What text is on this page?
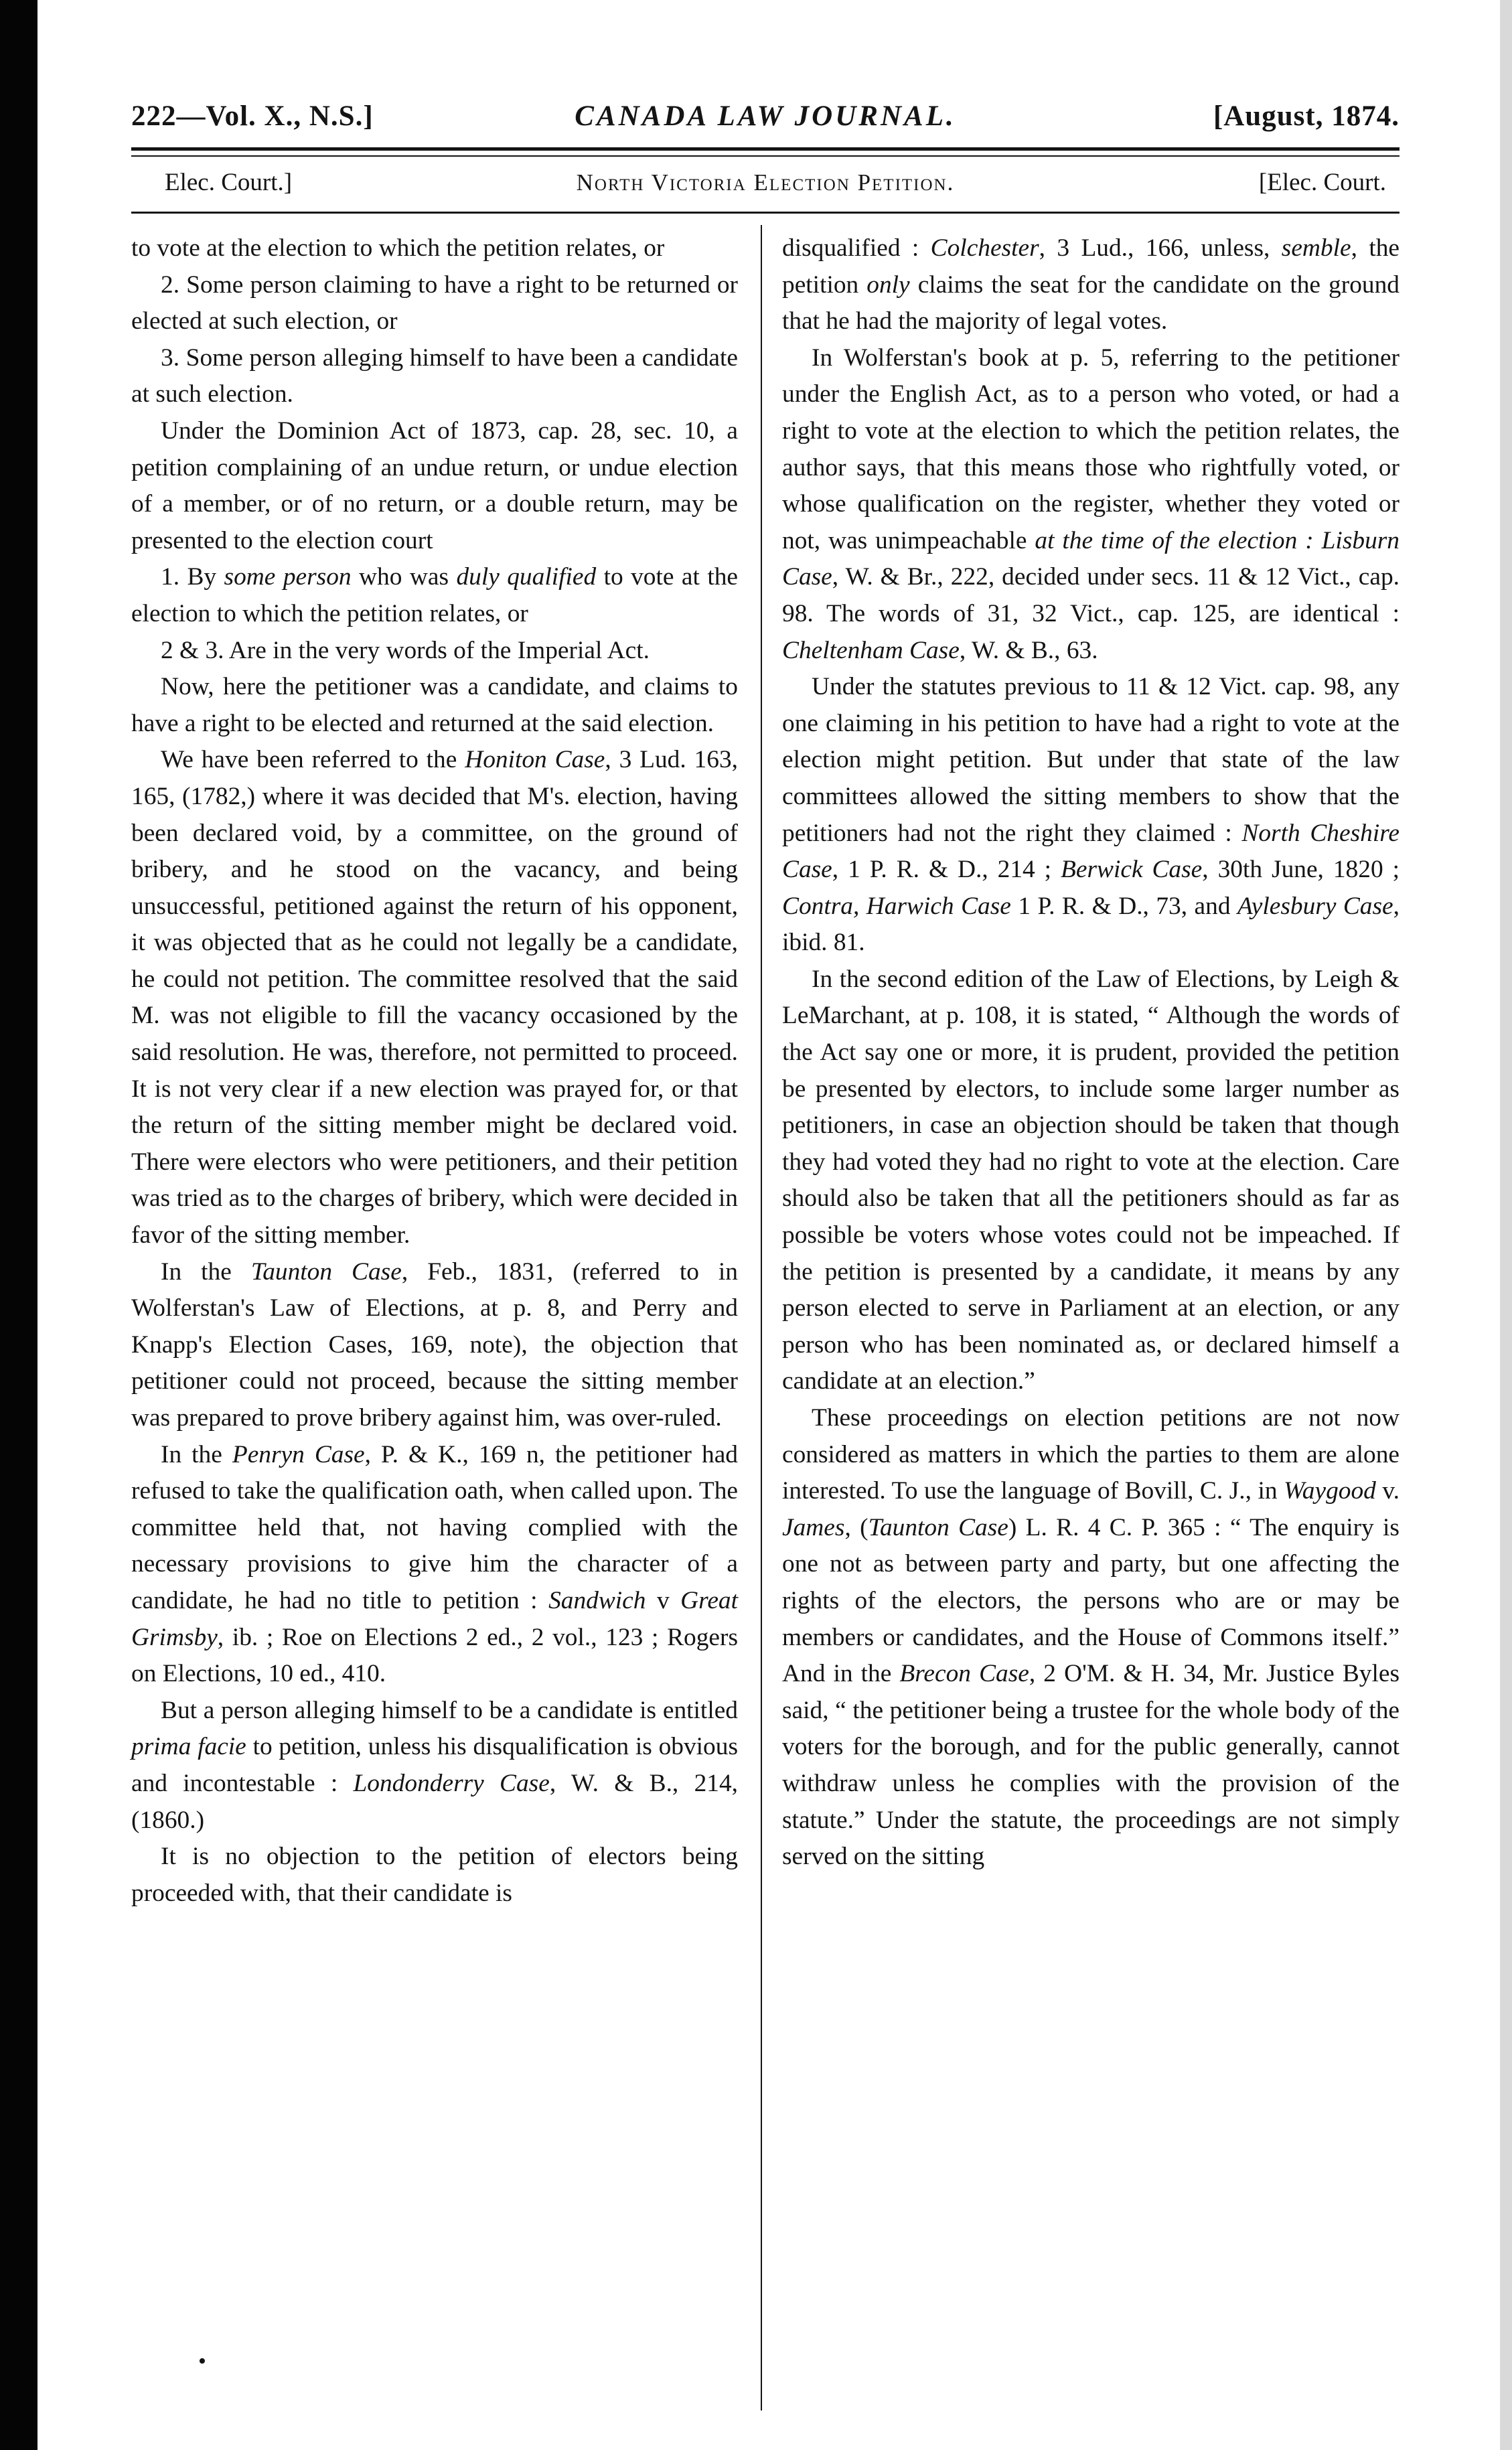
222—Vol. X., N.S.]	CANADA LAW JOURNAL.	[August, 1874.
Elec. Court.]	North Victoria Election Petition.	[Elec. Court.

to vote at the election to which the petition relates, or

2. Some person claiming to have a right to be returned or elected at such election, or

3. Some person alleging himself to have been a candidate at such election.

Under the Dominion Act of 1873, cap. 28, sec. 10, a petition complaining of an undue return, or undue election of a member, or of no return, or a double return, may be presented to the election court

1. By some person who was duly qualified to vote at the election to which the petition relates, or

2 & 3. Are in the very words of the Imperial Act.

Now, here the petitioner was a candidate, and claims to have a right to be elected and returned at the said election.

We have been referred to the Honiton Case, 3 Lud. 163, 165, (1782,) where it was decided that M's. election, having been declared void, by a committee, on the ground of bribery, and he stood on the vacancy, and being unsuccessful, petitioned against the return of his opponent, it was objected that as he could not legally be a candidate, he could not petition. The committee resolved that the said M. was not eligible to fill the vacancy occasioned by the said resolution. He was, therefore, not permitted to proceed. It is not very clear if a new election was prayed for, or that the return of the sitting member might be declared void. There were electors who were petitioners, and their petition was tried as to the charges of bribery, which were decided in favor of the sitting member.

In the Taunton Case, Feb., 1831, (referred to in Wolferstan's Law of Elections, at p. 8, and Perry and Knapp's Election Cases, 169, note), the objection that petitioner could not proceed, because the sitting member was prepared to prove bribery against him, was over-ruled.

In the Penryn Case, P. & K., 169 n, the petitioner had refused to take the qualification oath, when called upon. The committee held that, not having complied with the necessary provisions to give him the character of a candidate, he had no title to petition : Sandwich v Great Grimsby, ib. ; Roe on Elections 2 ed., 2 vol., 123 ; Rogers on Elections, 10 ed., 410.

But a person alleging himself to be a candidate is entitled prima facie to petition, unless his disqualification is obvious and incontestable : Londonderry Case, W. & B., 214, (1860.)

It is no objection to the petition of electors being proceeded with, that their candidate is

disqualified : Colchester, 3 Lud., 166, unless, semble, the petition only claims the seat for the candidate on the ground that he had the majority of legal votes.

In Wolferstan's book at p. 5, referring to the petitioner under the English Act, as to a person who voted, or had a right to vote at the election to which the petition relates, the author says, that this means those who rightfully voted, or whose qualification on the register, whether they voted or not, was unimpeachable at the time of the election : Lisburn Case, W. & Br., 222, decided under secs. 11 & 12 Vict., cap. 98. The words of 31, 32 Vict., cap. 125, are identical : Cheltenham Case, W. & B., 63.

Under the statutes previous to 11 & 12 Vict. cap. 98, any one claiming in his petition to have had a right to vote at the election might petition. But under that state of the law committees allowed the sitting members to show that the petitioners had not the right they claimed : North Cheshire Case, 1 P. R. & D., 214 ; Berwick Case, 30th June, 1820 ; Contra, Harwich Case 1 P. R. & D., 73, and Aylesbury Case, ibid. 81.

In the second edition of the Law of Elections, by Leigh & LeMarchant, at p. 108, it is stated, “ Although the words of the Act say one or more, it is prudent, provided the petition be presented by electors, to include some larger number as petitioners, in case an objection should be taken that though they had voted they had no right to vote at the election. Care should also be taken that all the petitioners should as far as possible be voters whose votes could not be impeached. If the petition is presented by a candidate, it means by any person elected to serve in Parliament at an election, or any person who has been nominated as, or declared himself a candidate at an election.”

These proceedings on election petitions are not now considered as matters in which the parties to them are alone interested. To use the language of Bovill, C. J., in Waygood v. James, (Taunton Case) L. R. 4 C. P. 365 : “ The enquiry is one not as between party and party, but one affecting the rights of the electors, the persons who are or may be members or candidates, and the House of Commons itself.” And in the Brecon Case, 2 O'M. & H. 34, Mr. Justice Byles said, “ the petitioner being a trustee for the whole body of the voters for the borough, and for the public generally, cannot withdraw unless he complies with the provision of the statute.” Under the statute, the proceedings are not simply served on the sitting

•
